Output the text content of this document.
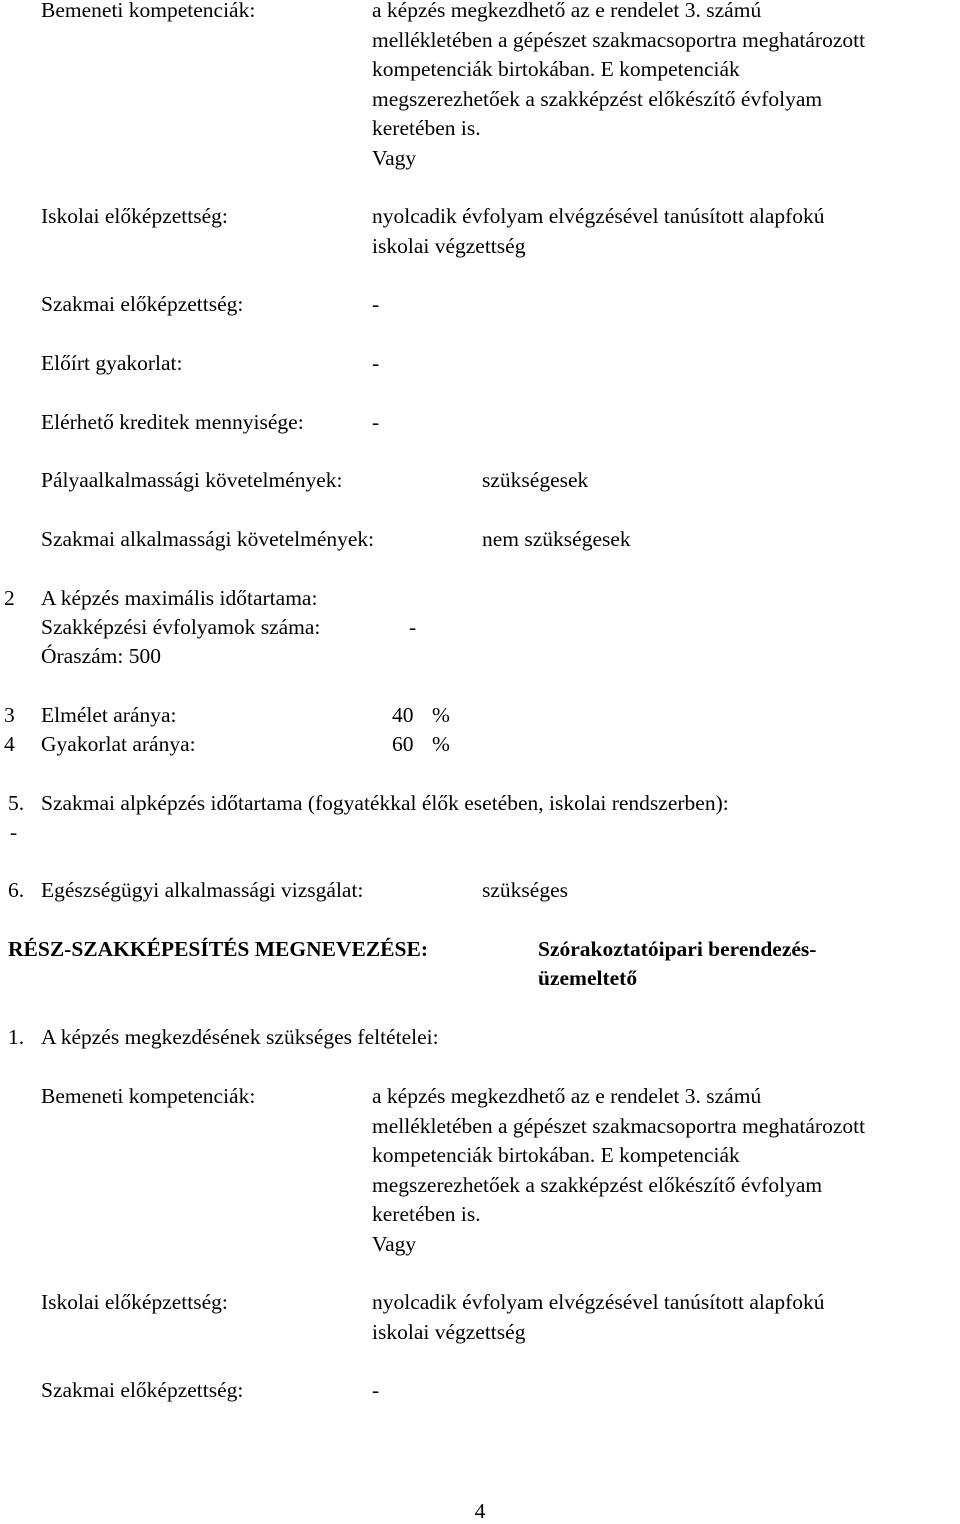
Bemeneti kompetenciák:	a képzés megkezdhető az e rendelet 3. számú
mellékletében a gépészet szakmacsoportra meghatározott
kompetenciák birtokában. E kompetenciák
megszerezhetőek a szakképzést előkészítő évfolyam
keretében is.
Vagy
Iskolai előképzettség:	nyolcadik évfolyam elvégzésével tanúsított alapfokú
iskolai végzettség
Szakmai előképzettség:	-
Előírt gyakorlat:	-
Elérhető kreditek mennyisége:	-
Pályaalkalmassági követelmények:	szükségesek
Szakmai alkalmassági követelmények:	nem szükségesek
2 A képzés maximális időtartama:
Szakképzési évfolyamok száma:	-
Óraszám: 500
3 Elmélet aránya:	40 %
4 Gyakorlat aránya:	60 %
5. Szakmai alpképzés időtartama (fogyatékkal élők esetében, iskolai rendszerben):
-
6. Egészségügyi alkalmassági vizsgálat:	szükséges
RÉSZ-SZAKKÉPESÍTÉS MEGNEVEZÉSE:	Szórakoztatóipari berendezés-
üzemeltető
1. A képzés megkezdésének szükséges feltételei:
Bemeneti kompetenciák:	a képzés megkezdhető az e rendelet 3. számú
mellékletében a gépészet szakmacsoportra meghatározott
kompetenciák birtokában. E kompetenciák
megszerezhetőek a szakképzést előkészítő évfolyam
keretében is.
Vagy
Iskolai előképzettség:	nyolcadik évfolyam elvégzésével tanúsított alapfokú
iskolai végzettség
Szakmai előképzettség:	-
4
